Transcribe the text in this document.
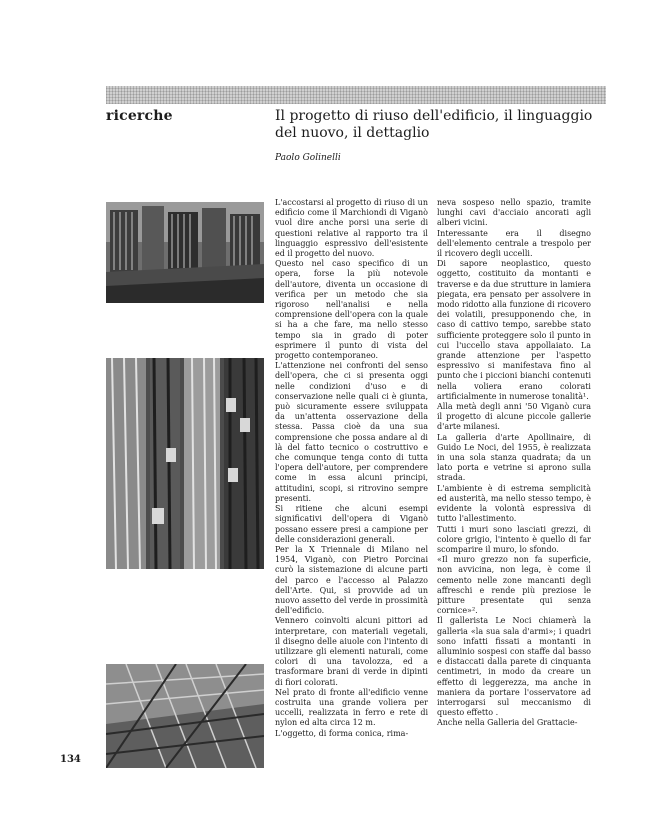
ricerche	Il progetto di riuso dell'edificio, il linguaggio del nuovo, il dettaglio
Paolo Golinelli

L'accostarsi al progetto di riuso di un edificio come il Marchiondi di Viganò vuol dire anche porsi una serie di questioni relative al rapporto tra il linguaggio espressivo dell'esistente ed il progetto del nuovo.

Questo nel caso specifico di un opera, forse la più notevole dell'autore, diventa un occasione di verifica per un metodo che sia rigoroso nell'analisi e nella comprensione dell'opera con la quale si ha a che fare, ma nello stesso tempo sia in grado di poter esprimere il punto di vista del progetto contemporaneo.

L'attenzione nei confronti del senso dell'opera, che ci si presenta oggi nelle condizioni d'uso e di conservazione nelle quali ci è giunta, può sicuramente essere sviluppata da un'attenta osservazione della stessa. Passa cioè da una sua comprensione che possa andare al di là del fatto tecnico o costruttivo e che comunque tenga conto di tutta l'opera dell'autore, per comprendere come in essa alcuni principi, attitudini, scopi, si ritrovino sempre presenti.

Si ritiene che alcuni esempi significativi dell'opera di Viganò possano essere presi a campione per delle considerazioni generali.

Per la X Triennale di Milano nel 1954, Viganò, con Pietro Porcinai curò la sistemazione di alcune parti del parco e l'accesso al Palazzo dell'Arte. Qui, si provvide ad un nuovo assetto del verde in prossimità dell'edificio.

Vennero coinvolti alcuni pittori ad interpretare, con materiali vegetali, il disegno delle aiuole con l'intento di utilizzare gli elementi naturali, come colori di una tavolozza, ed a trasformare brani di verde in dipinti di fiori colorati.

Nel prato di fronte all'edificio venne costruita una grande voliera per uccelli, realizzata in ferro e rete di nylon ed alta circa 12 m.

L'oggetto, di forma conica, rima-

neva sospeso nello spazio, tramite lunghi cavi d'acciaio ancorati agli alberi vicini.

Interessante era il disegno dell'elemento centrale a trespolo per il ricovero degli uccelli.

Di sapore neoplastico, questo oggetto, costituito da montanti e traverse e da due strutture in lamiera piegata, era pensato per assolvere in modo ridotto alla funzione di ricovero dei volatili, presupponendo che, in caso di cattivo tempo, sarebbe stato sufficiente proteggere solo il punto in cui l'uccello stava appollaiato. La grande attenzione per l'aspetto espressivo si manifestava fino al punto che i piccioni bianchi contenuti nella voliera erano colorati artificialmente in numerose tonalità¹.

Alla metà degli anni '50 Viganò cura il progetto di alcune piccole gallerie d'arte milanesi.

La galleria d'arte Apollinaire, di Guido Le Noci, del 1955, è realizzata in una sola stanza quadrata; da un lato porta e vetrine si aprono sulla strada.

L'ambiente è di estrema semplicità ed austerità, ma nello stesso tempo, è evidente la volontà espressiva di tutto l'allestimento.

Tutti i muri sono lasciati grezzi, di colore grigio, l'intento è quello di far scomparire il muro, lo sfondo.

«Il muro grezzo non fa superficie, non avvicina, non lega, è come il cemento nelle zone mancanti degli affreschi e rende più preziose le pitture presentate qui senza cornice»².

Il gallerista Le Noci chiamerà la galleria «la sua sala d'armi»; i quadri sono infatti fissati a montanti in alluminio sospesi con staffe dal basso e distaccati dalla parete di cinquanta centimetri, in modo da creare un effetto di leggerezza, ma anche in maniera da portare l'osservatore ad interrogarsi sul meccanismo di questo effetto .

Anche nella Galleria del Grattacie-

134
